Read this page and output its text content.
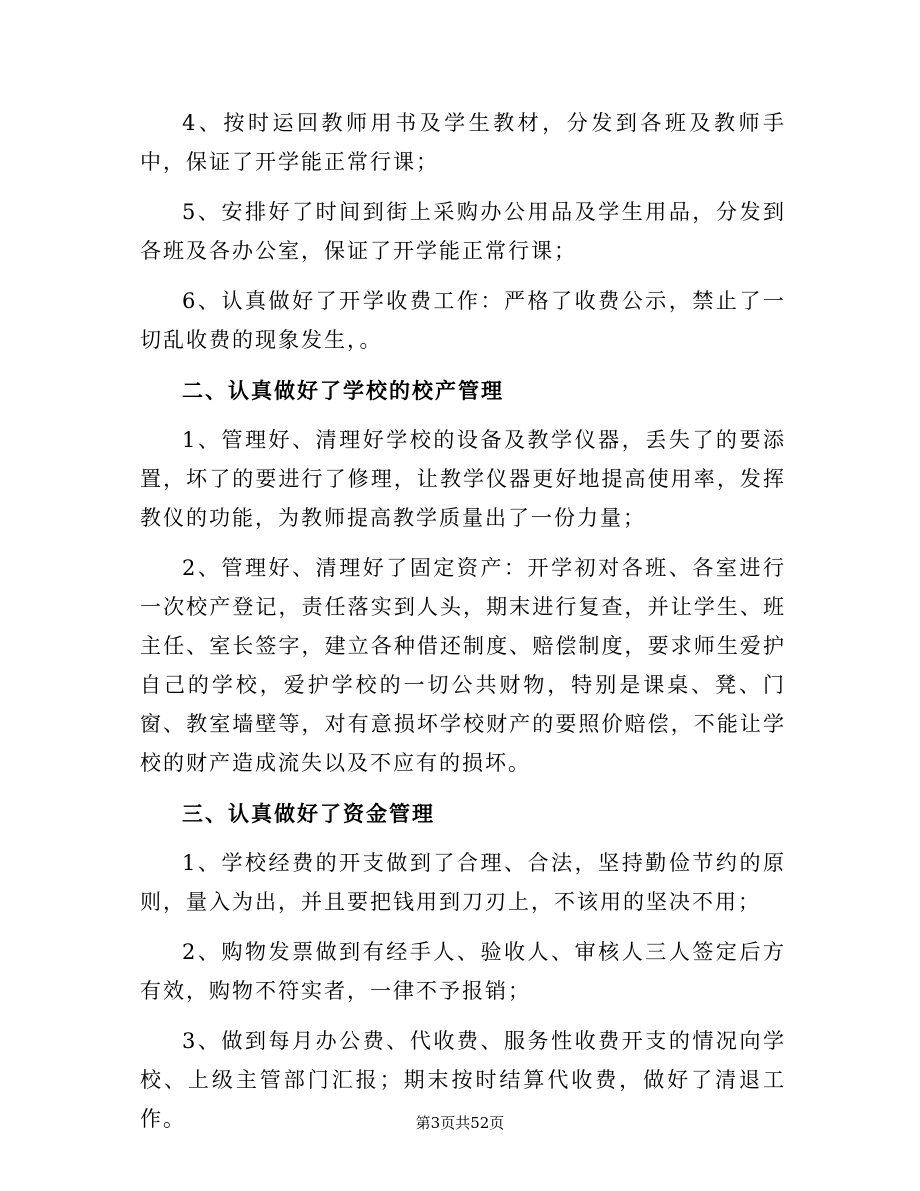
4、按时运回教师用书及学生教材，分发到各班及教师手中，保证了开学能正常行课；

5、安排好了时间到街上采购办公用品及学生用品，分发到各班及各办公室，保证了开学能正常行课；

6、认真做好了开学收费工作：严格了收费公示，禁止了一切乱收费的现象发生，。

二、认真做好了学校的校产管理

1、管理好、清理好学校的设备及教学仪器，丢失了的要添置，坏了的要进行了修理，让教学仪器更好地提高使用率，发挥教仪的功能，为教师提高教学质量出了一份力量；

2、管理好、清理好了固定资产：开学初对各班、各室进行一次校产登记，责任落实到人头，期末进行复查，并让学生、班主任、室长签字，建立各种借还制度、赔偿制度，要求师生爱护自己的学校，爱护学校的一切公共财物，特别是课桌、凳、门窗、教室墙壁等，对有意损坏学校财产的要照价赔偿，不能让学校的财产造成流失以及不应有的损坏。

三、认真做好了资金管理

1、学校经费的开支做到了合理、合法，坚持勤俭节约的原则，量入为出，并且要把钱用到刀刃上，不该用的坚决不用；

2、购物发票做到有经手人、验收人、审核人三人签定后方有效，购物不符实者，一律不予报销；

3、做到每月办公费、代收费、服务性收费开支的情况向学校、上级主管部门汇报；期末按时结算代收费，做好了清退工作。	第3页共52页
